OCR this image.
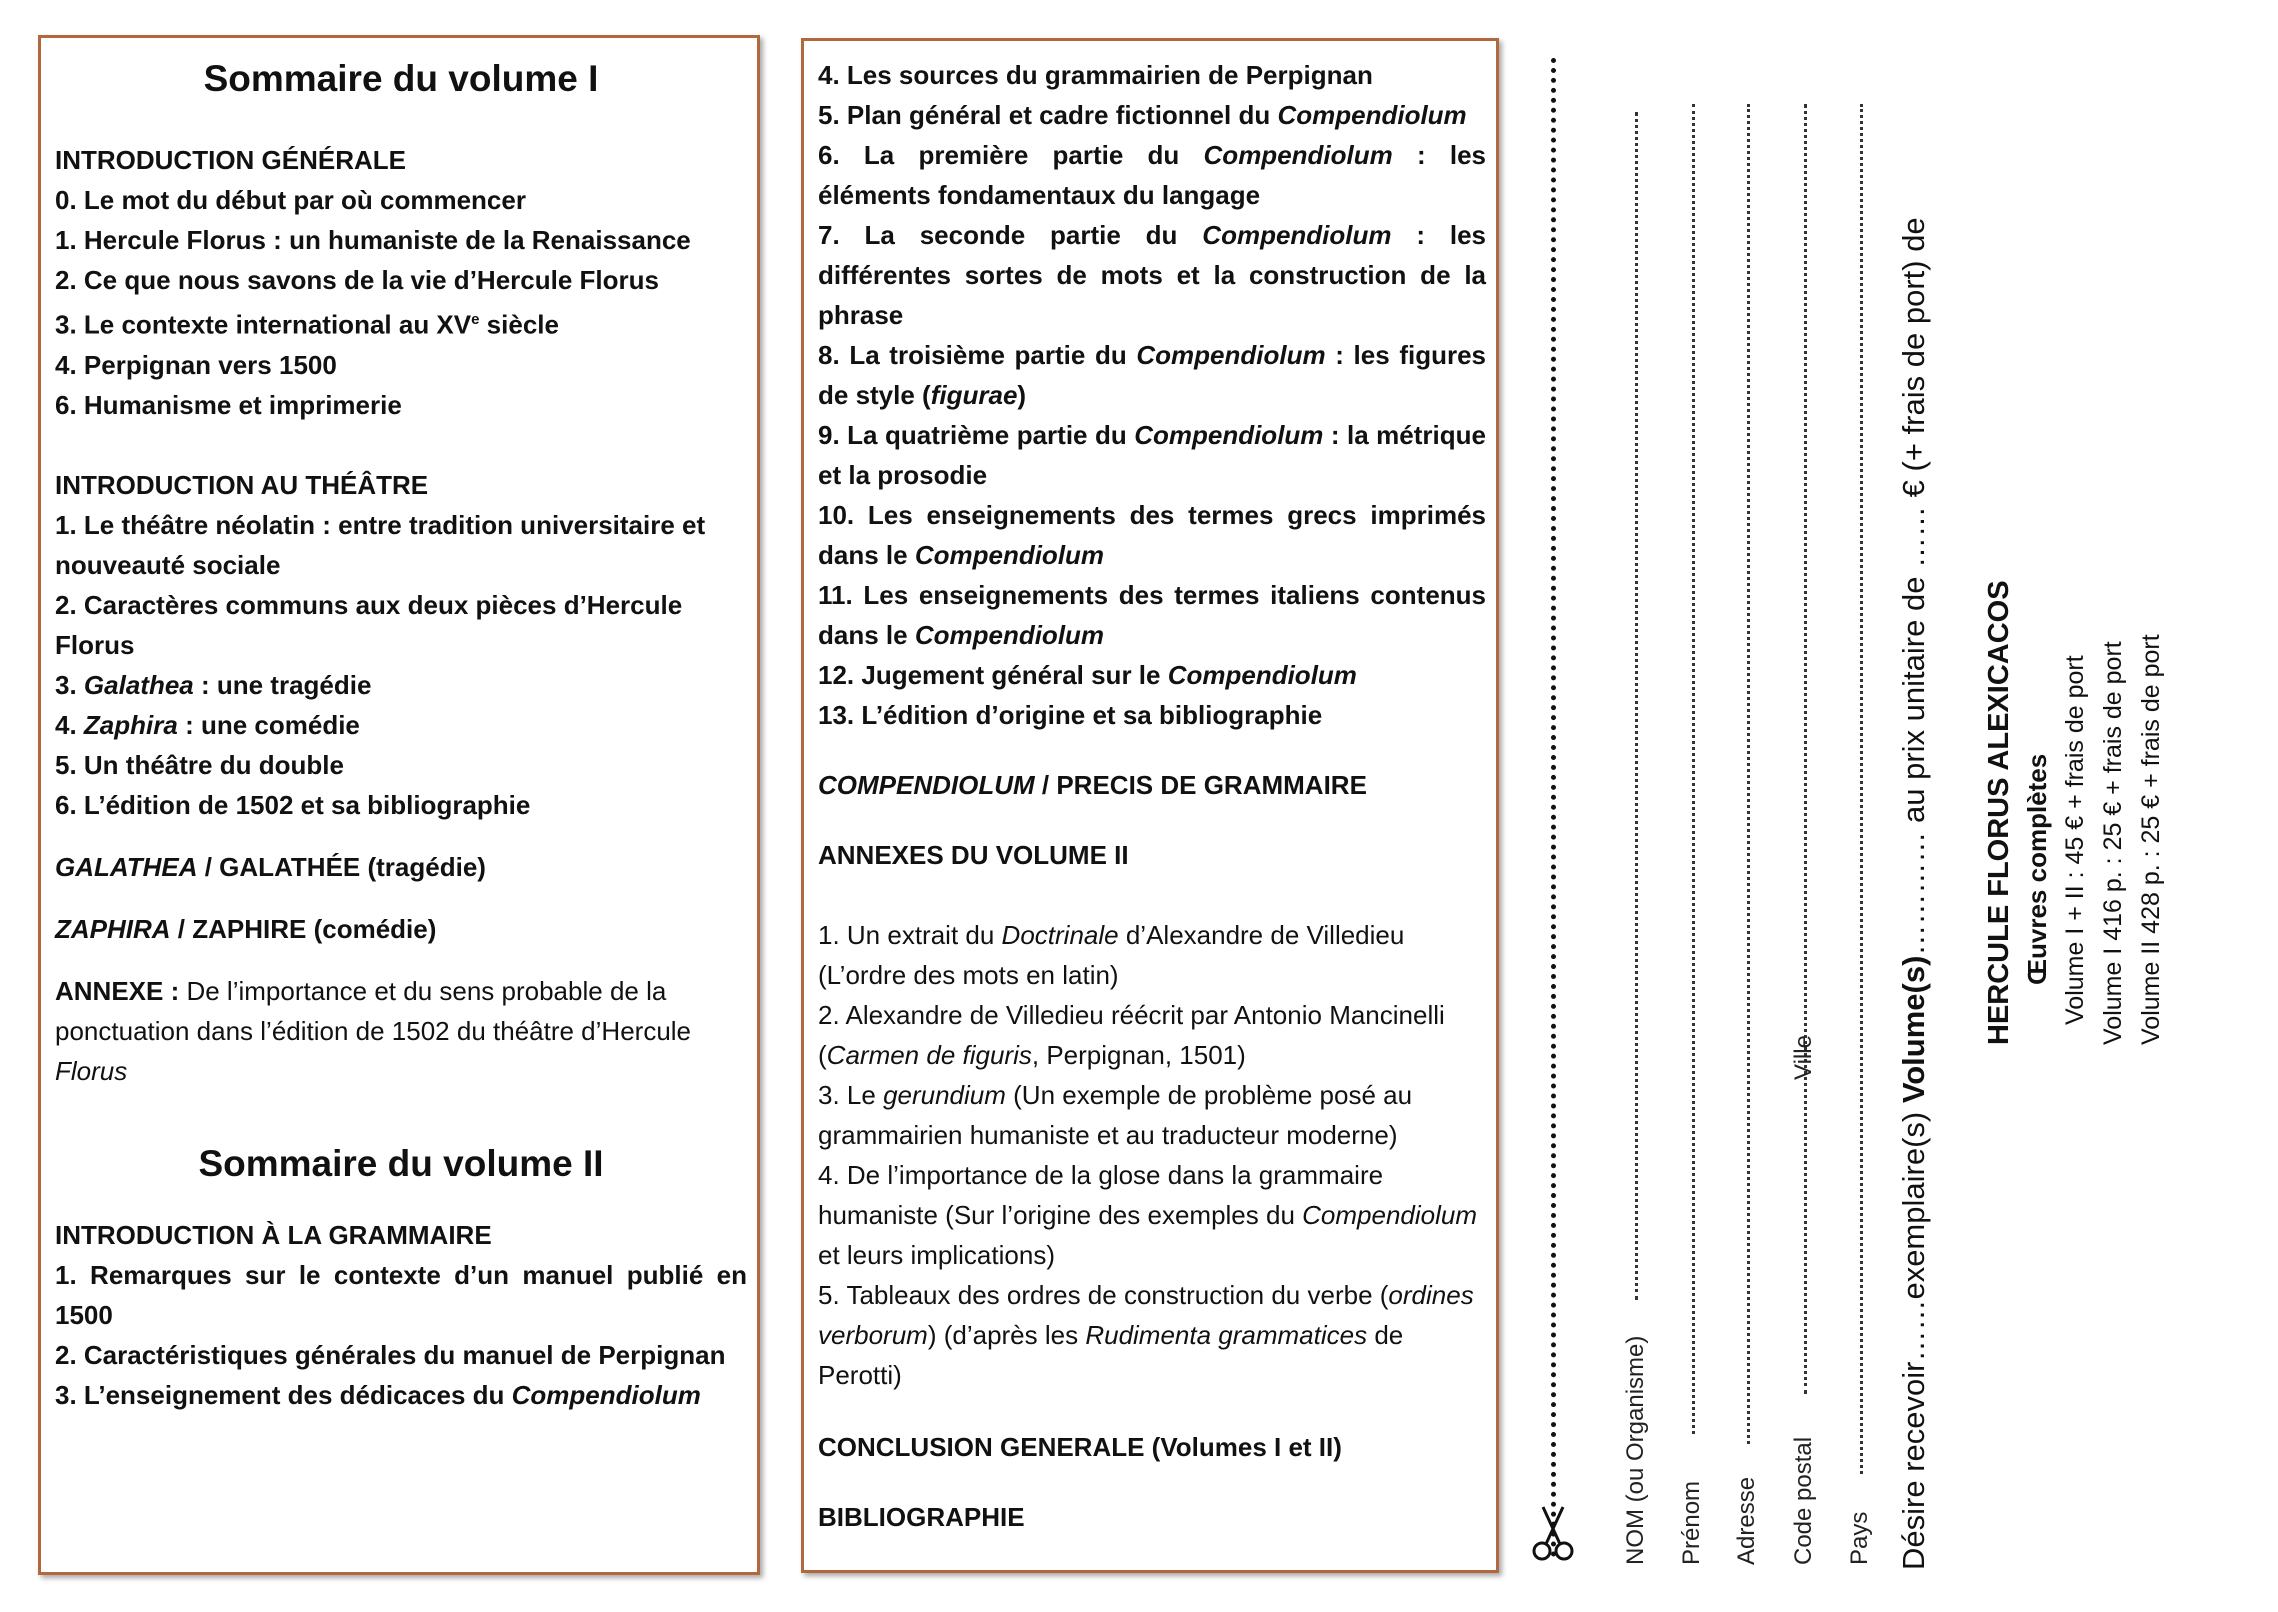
Sommaire du volume I

INTRODUCTION GÉNÉRALE

0. Le mot du début par où commencer
1. Hercule Florus : un humaniste de la Renaissance
2. Ce que nous savons de la vie d’Hercule Florus
3. Le contexte international au XVe siècle
4. Perpignan vers 1500
6. Humanisme et imprimerie

INTRODUCTION AU THÉÂTRE

1. Le théâtre néolatin : entre tradition universitaire et nouveauté sociale
2. Caractères communs aux deux pièces d’Hercule Florus
3. Galathea : une tragédie
4. Zaphira : une comédie
5. Un théâtre du double
6. L’édition de 1502 et sa bibliographie

GALATHEA / GALATHÉE (tragédie)

ZAPHIRA / ZAPHIRE (comédie)

ANNEXE : De l’importance et du sens probable de la ponctuation dans l’édition de 1502 du théâtre d’Hercule Florus

Sommaire du volume II

INTRODUCTION À LA GRAMMAIRE

1. Remarques sur le contexte d’un manuel publié en 1500
2. Caractéristiques générales du manuel de Perpignan
3. L’enseignement des dédicaces du Compendiolum
4. Les sources du grammairien de Perpignan
5. Plan général et cadre fictionnel du Compendiolum
6. La première partie du Compendiolum : les éléments fondamentaux du langage
7. La seconde partie du Compendiolum : les différentes sortes de mots et la construction de la phrase
8. La troisième partie du Compendiolum : les figures de style (figurae)
9. La quatrième partie du Compendiolum : la métrique et la prosodie
10. Les enseignements des termes grecs imprimés dans le Compendiolum
11. Les enseignements des termes italiens contenus dans le Compendiolum
12. Jugement général sur le Compendiolum
13. L’édition d’origine et sa bibliographie

COMPENDIOLUM / PRECIS DE GRAMMAIRE

ANNEXES DU VOLUME II

1. Un extrait du Doctrinale d’Alexandre de Villedieu (L’ordre des mots en latin)
2. Alexandre de Villedieu réécrit par Antonio Mancinelli (Carmen de figuris, Perpignan, 1501)
3. Le gerundium (Un exemple de problème posé au grammairien humaniste et au traducteur moderne)
4. De l’importance de la glose dans la grammaire humaniste (Sur l’origine des exemples du Compendiolum et leurs implications)
5. Tableaux des ordres de construction du verbe (ordines verborum) (d’après les Rudimenta grammatices de Perotti)

CONCLUSION GENERALE (Volumes I et II)

BIBLIOGRAPHIE	NOM (ou Organisme) Prénom Adresse Code postal
Ville
Pays Désire recevoir……exemplaire(s) Volume(s)………… au prix unitaire de …… € (+ frais de port) de HERCULE FLORUS ALEXICACOS Œuvres complètes Volume I + II : 45 € + frais de port Volume I 416 p. : 25 € + frais de port Volume II 428 p. : 25 € + frais de port
